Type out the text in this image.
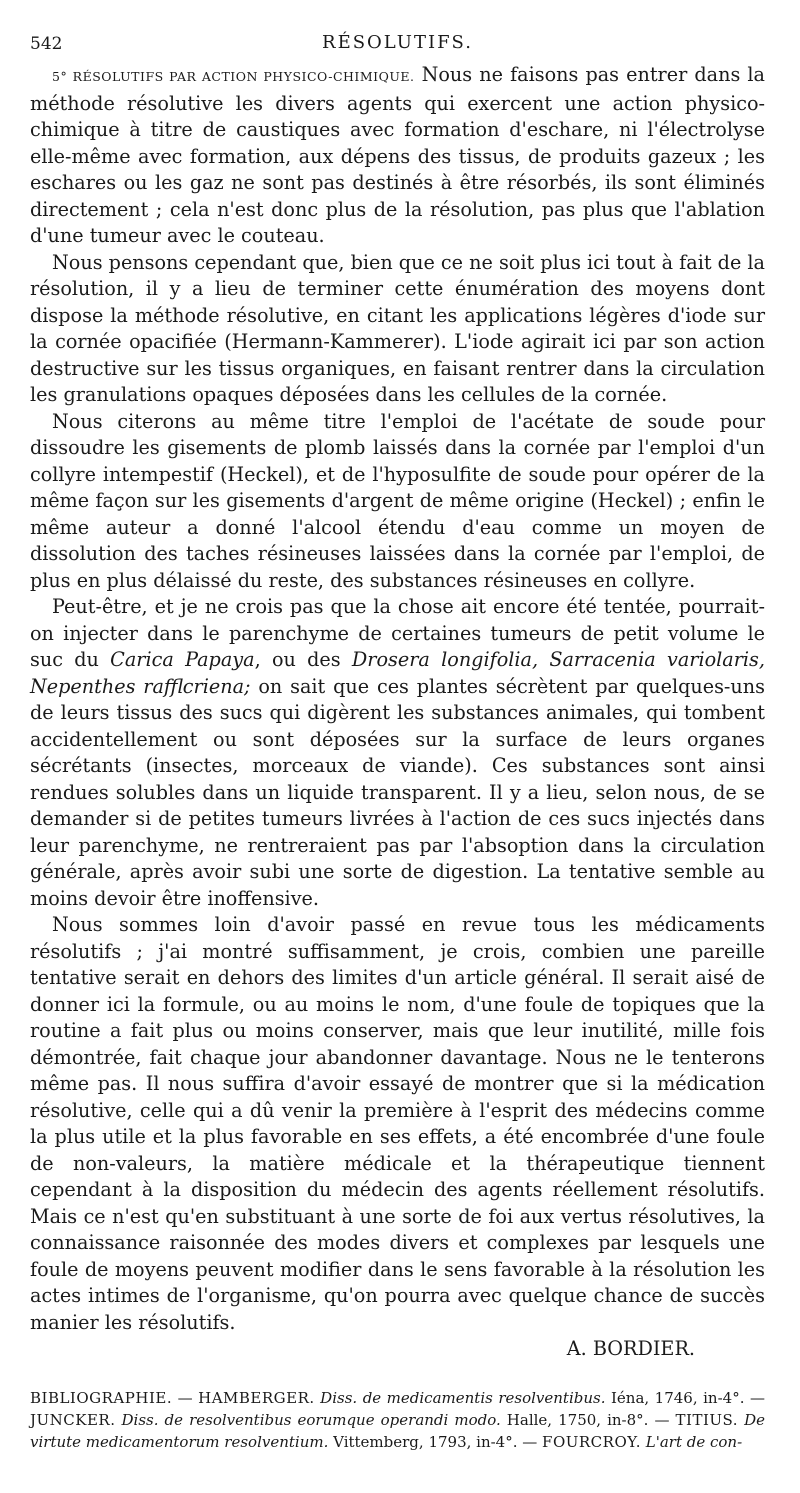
542	RÉSOLUTIFS.

5° RÉSOLUTIFS PAR ACTION PHYSICO-CHIMIQUE. Nous ne faisons pas entrer dans la méthode résolutive les divers agents qui exercent une action physico-chimique à titre de caustiques avec formation d'eschare, ni l'électrolyse elle-même avec formation, aux dépens des tissus, de produits gazeux ; les eschares ou les gaz ne sont pas destinés à être résorbés, ils sont éliminés directement ; cela n'est donc plus de la résolution, pas plus que l'ablation d'une tumeur avec le couteau.

Nous pensons cependant que, bien que ce ne soit plus ici tout à fait de la résolution, il y a lieu de terminer cette énumération des moyens dont dispose la méthode résolutive, en citant les applications légères d'iode sur la cornée opacifiée (Hermann-Kammerer). L'iode agirait ici par son action destructive sur les tissus organiques, en faisant rentrer dans la circulation les granulations opaques déposées dans les cellules de la cornée.

Nous citerons au même titre l'emploi de l'acétate de soude pour dissoudre les gisements de plomb laissés dans la cornée par l'emploi d'un collyre intempestif (Heckel), et de l'hyposulfite de soude pour opérer de la même façon sur les gisements d'argent de même origine (Heckel) ; enfin le même auteur a donné l'alcool étendu d'eau comme un moyen de dissolution des taches résineuses laissées dans la cornée par l'emploi, de plus en plus délaissé du reste, des substances résineuses en collyre.

Peut-être, et je ne crois pas que la chose ait encore été tentée, pourrait-on injecter dans le parenchyme de certaines tumeurs de petit volume le suc du Carica Papaya, ou des Drosera longifolia, Sarracenia variolaris, Nepenthes rafflcriena; on sait que ces plantes sécrètent par quelques-uns de leurs tissus des sucs qui digèrent les substances animales, qui tombent accidentellement ou sont déposées sur la surface de leurs organes sécrétants (insectes, morceaux de viande). Ces substances sont ainsi rendues solubles dans un liquide transparent. Il y a lieu, selon nous, de se demander si de petites tumeurs livrées à l'action de ces sucs injectés dans leur parenchyme, ne rentreraient pas par l'absoption dans la circulation générale, après avoir subi une sorte de digestion. La tentative semble au moins devoir être inoffensive.

Nous sommes loin d'avoir passé en revue tous les médicaments résolutifs ; j'ai montré suffisamment, je crois, combien une pareille tentative serait en dehors des limites d'un article général. Il serait aisé de donner ici la formule, ou au moins le nom, d'une foule de topiques que la routine a fait plus ou moins conserver, mais que leur inutilité, mille fois démontrée, fait chaque jour abandonner davantage. Nous ne le tenterons même pas. Il nous suffira d'avoir essayé de montrer que si la médication résolutive, celle qui a dû venir la première à l'esprit des médecins comme la plus utile et la plus favorable en ses effets, a été encombrée d'une foule de non-valeurs, la matière médicale et la thérapeutique tiennent cependant à la disposition du médecin des agents réellement résolutifs. Mais ce n'est qu'en substituant à une sorte de foi aux vertus résolutives, la connaissance raisonnée des modes divers et complexes par lesquels une foule de moyens peuvent modifier dans le sens favorable à la résolution les actes intimes de l'organisme, qu'on pourra avec quelque chance de succès manier les résolutifs.

A. BORDIER.
BIBLIOGRAPHIE. — HAMBERGER. Diss. de medicamentis resolventibus. Iéna, 1746, in-4°. — JUNCKER. Diss. de resolventibus eorumque operandi modo. Halle, 1750, in-8°. — TITIUS. De virtute medicamentorum resolventium. Vittemberg, 1793, in-4°. — FOURCROY. L'art de con-
